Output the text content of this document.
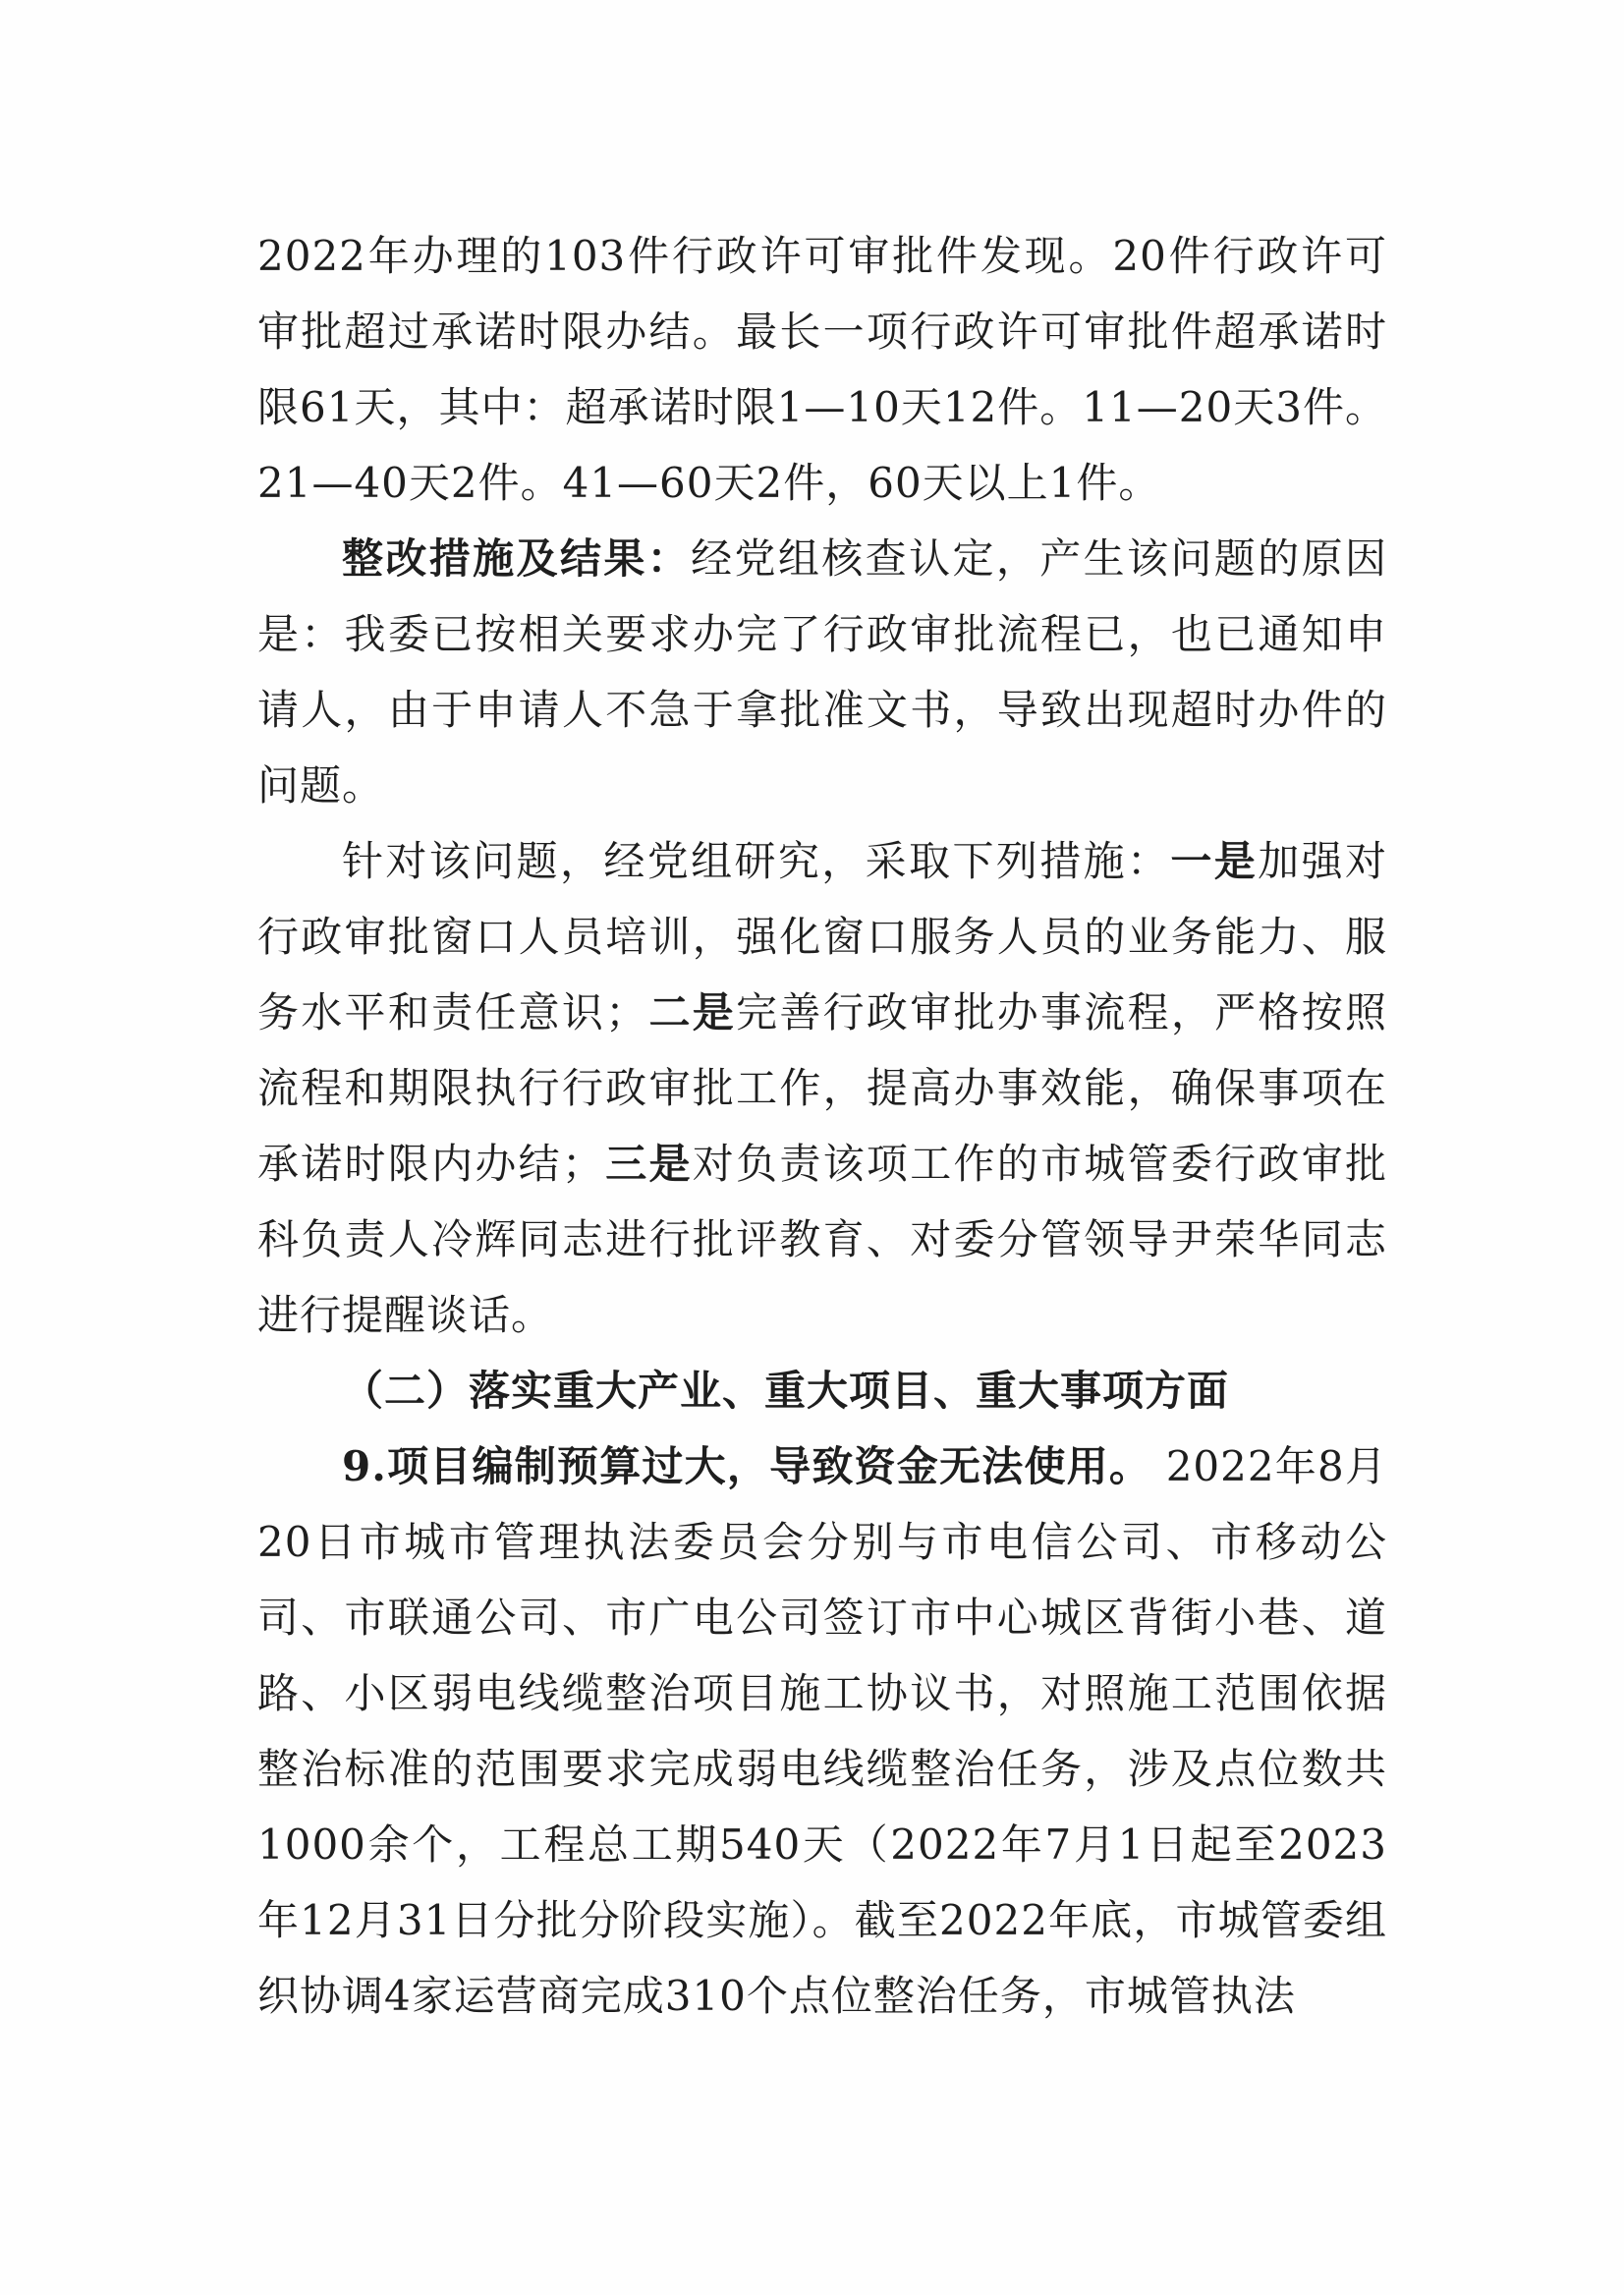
2022年办理的103件行政许可审批件发现。20件行政许可审批超过承诺时限办结。最长一项行政许可审批件超承诺时限61天，其中：超承诺时限1—10天12件。11—20天3件。21—40天2件。41—60天2件，60天以上1件。

整改措施及结果：经党组核查认定，产生该问题的原因是：我委已按相关要求办完了行政审批流程已，也已通知申请人，由于申请人不急于拿批准文书，导致出现超时办件的问题。

针对该问题，经党组研究，采取下列措施：一是加强对行政审批窗口人员培训，强化窗口服务人员的业务能力、服务水平和责任意识；二是完善行政审批办事流程，严格按照流程和期限执行行政审批工作，提高办事效能，确保事项在承诺时限内办结；三是对负责该项工作的市城管委行政审批科负责人冷辉同志进行批评教育、对委分管领导尹荣华同志进行提醒谈话。

（二）落实重大产业、重大项目、重大事项方面

9.项目编制预算过大，导致资金无法使用。 2022年8月20日市城市管理执法委员会分别与市电信公司、市移动公司、市联通公司、市广电公司签订市中心城区背街小巷、道路、小区弱电线缆整治项目施工协议书，对照施工范围依据整治标准的范围要求完成弱电线缆整治任务，涉及点位数共1000余个，工程总工期540天（2022年7月1日起至2023年12月31日分批分阶段实施）。截至2022年底，市城管委组织协调4家运营商完成310个点位整治任务，市城管执法
